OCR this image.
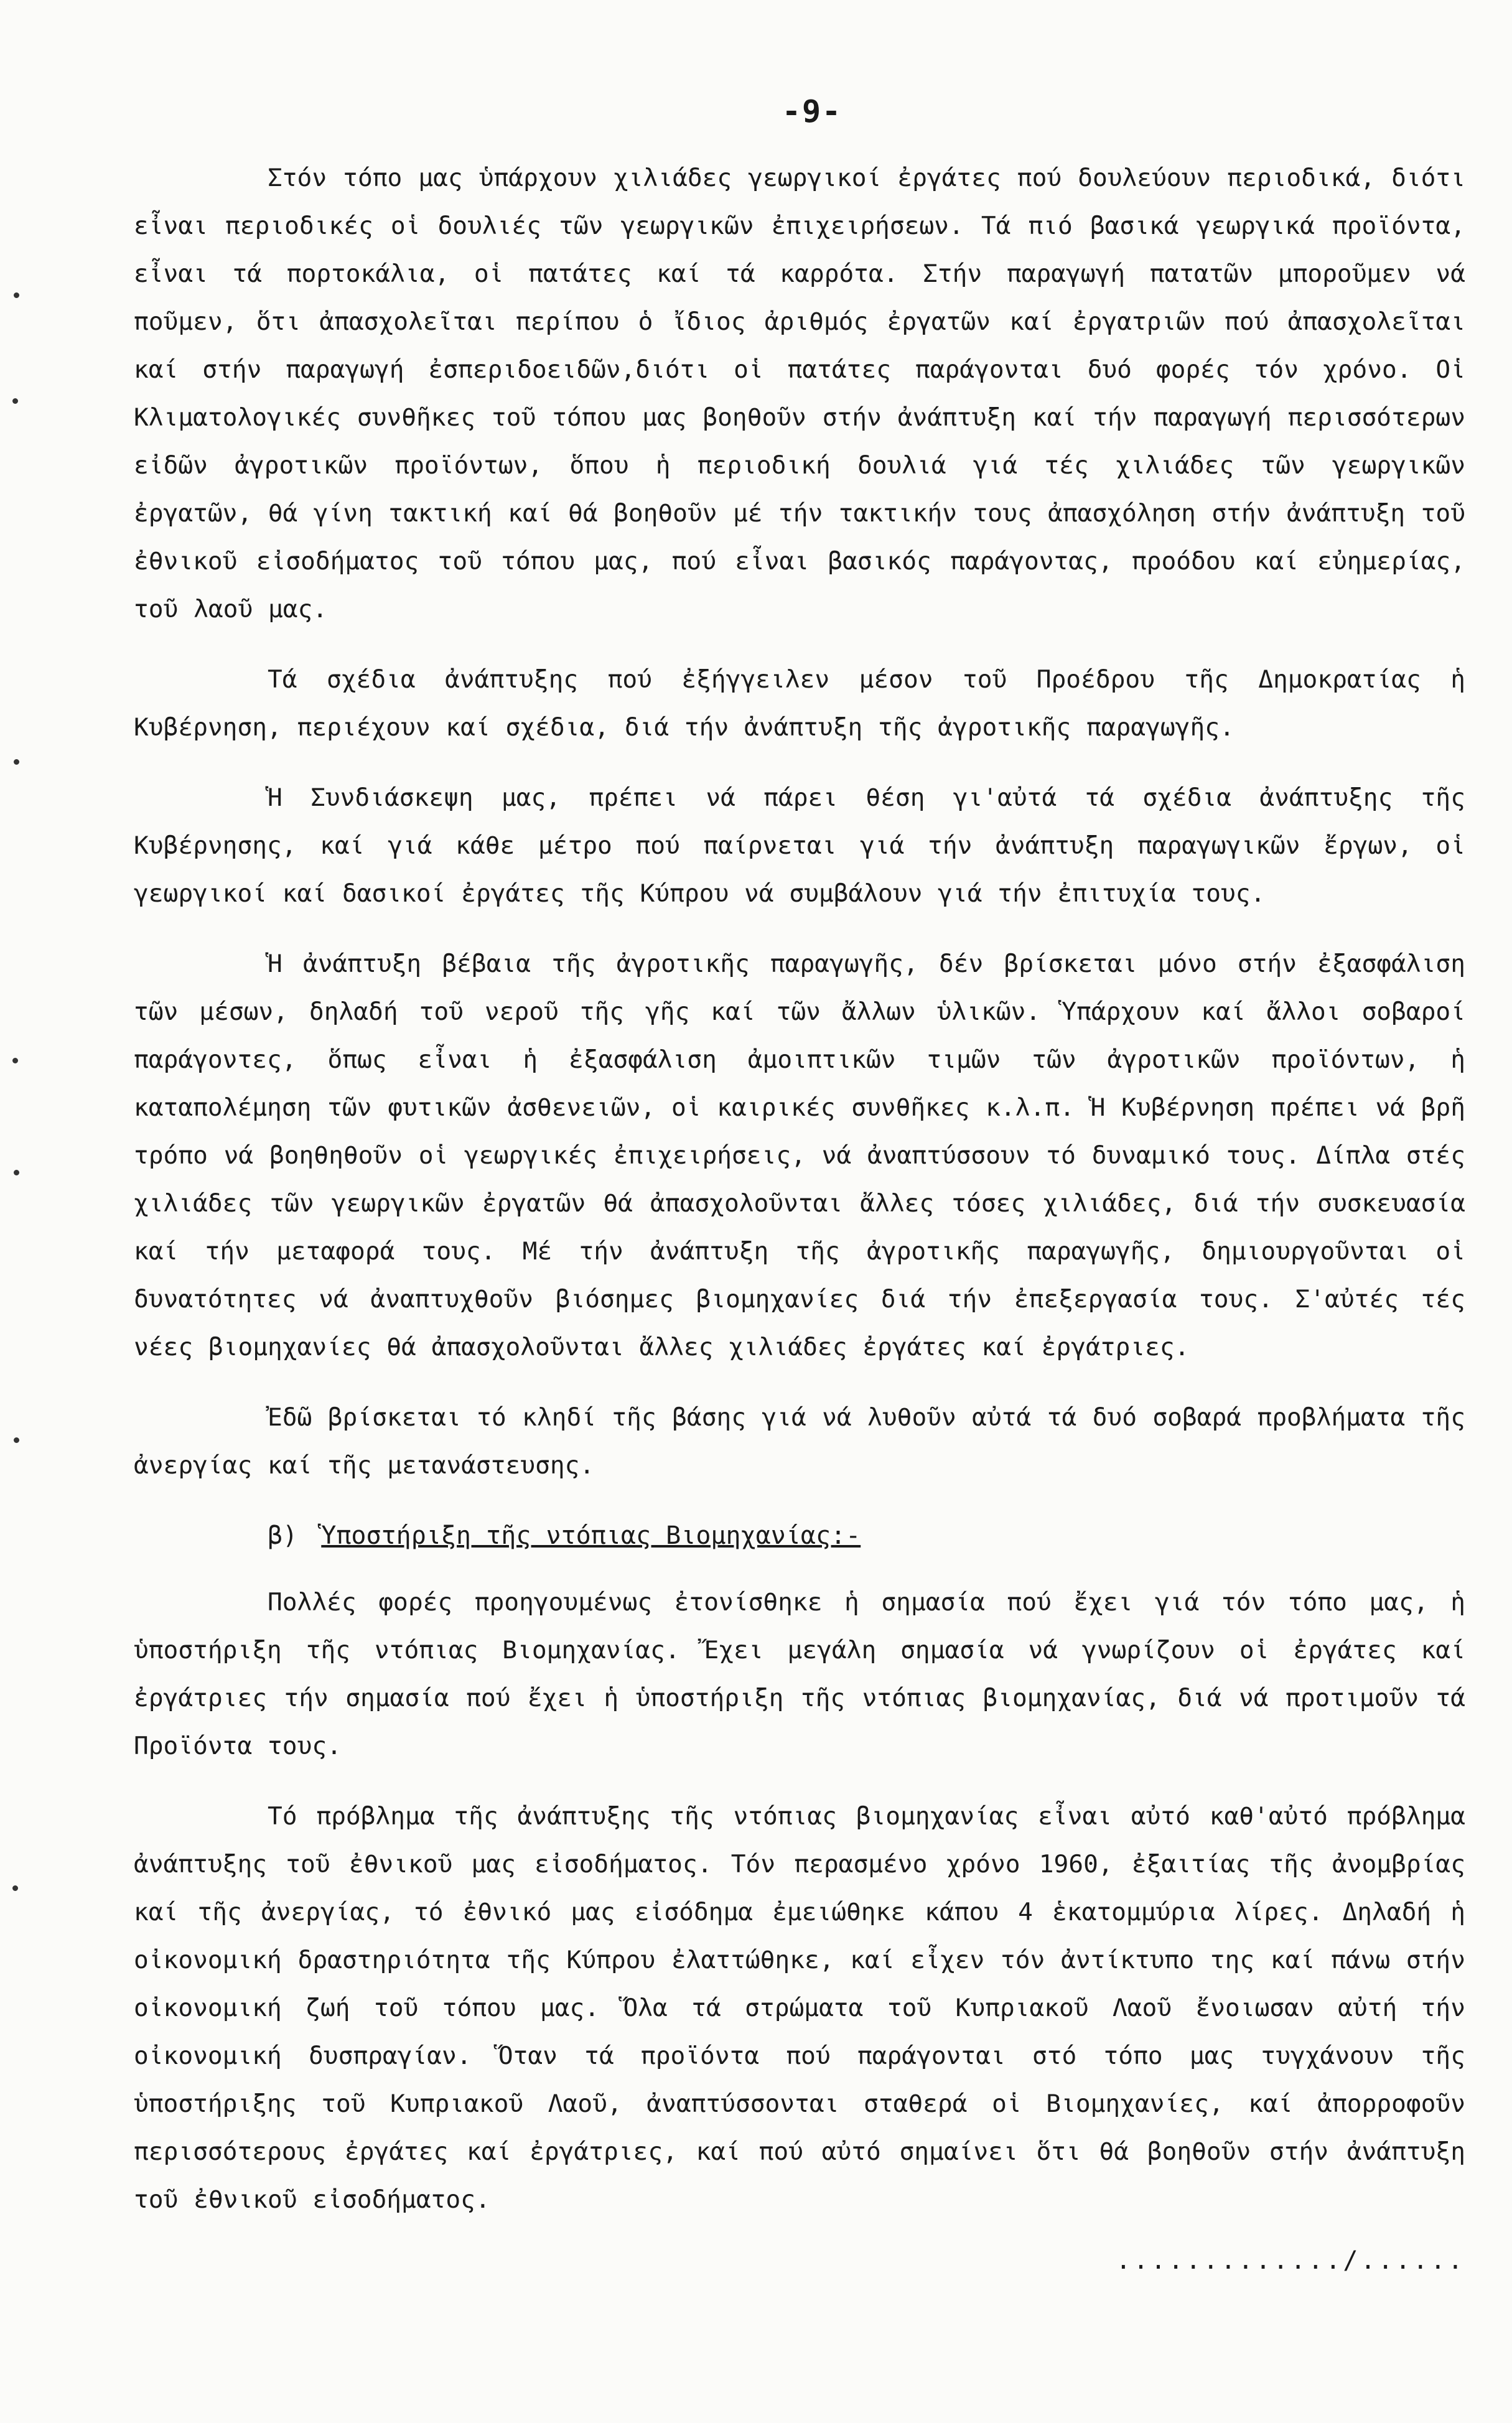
-9-

Στόν τόπο μας ὑπάρχουν χιλιάδες γεωργικοί ἐργάτες πού δουλεύουν περιοδικά, διότι εἶναι περιοδικές οἱ δουλιές τῶν γεωργικῶν ἐπιχειρήσεων. Τά πιό βασικά γεωργικά προϊόντα, εἶναι τά πορτοκάλια, οἱ πατάτες καί τά καρρότα. Στήν παραγωγή πατατῶν μποροῦμεν νά ποῦμεν, ὅτι ἀπασχολεῖται περίπου ὁ ἴδιος ἀριθμός ἐργατῶν καί ἐργατριῶν πού ἀπασχολεῖται καί στήν παραγωγή ἐσπεριδοειδῶν,διότι οἱ πατάτες παράγονται δυό φορές τόν χρόνο. Οἱ Κλιματολογικές συνθῆκες τοῦ τόπου μας βοηθοῦν στήν ἀνάπτυξη καί τήν παραγωγή περισσότερων εἰδῶν ἀγροτικῶν προϊόντων, ὅπου ἡ περιοδική δουλιά γιά τές χιλιάδες τῶν γεωργικῶν ἐργατῶν, θά γίνη τακτική καί θά βοηθοῦν μέ τήν τακτικήν τους ἀπασχόληση στήν ἀνάπτυξη τοῦ ἐθνικοῦ εἰσοδήματος τοῦ τόπου μας, πού εἶναι βασικός παράγοντας, προόδου καί εὐημερίας, τοῦ λαοῦ μας.

Τά σχέδια ἀνάπτυξης πού ἐξήγγειλεν μέσον τοῦ Προέδρου τῆς Δημοκρατίας ἡ Κυβέρνηση, περιέχουν καί σχέδια, διά τήν ἀνάπτυξη τῆς ἀγροτικῆς παραγωγῆς.

Ἡ Συνδιάσκεψη μας, πρέπει νά πάρει θέση γι'αὐτά τά σχέδια ἀνάπτυξης τῆς Κυβέρνησης, καί γιά κάθε μέτρο πού παίρνεται γιά τήν ἀνάπτυξη παραγωγικῶν ἔργων, οἱ γεωργικοί καί δασικοί ἐργάτες τῆς Κύπρου νά συμβάλουν γιά τήν ἐπιτυχία τους.

Ἡ ἀνάπτυξη βέβαια τῆς ἀγροτικῆς παραγωγῆς, δέν βρίσκεται μόνο στήν ἐξασφάλιση τῶν μέσων, δηλαδή τοῦ νεροῦ τῆς γῆς καί τῶν ἄλλων ὑλικῶν. Ὑπάρχουν καί ἄλλοι σοβαροί παράγοντες, ὅπως εἶναι ἡ ἐξασφάλιση ἀμοιπτικῶν τιμῶν τῶν ἀγροτικῶν προϊόντων, ἡ καταπολέμηση τῶν φυτικῶν ἀσθενειῶν, οἱ καιρικές συνθῆκες κ.λ.π. Ἡ Κυβέρνηση πρέπει νά βρῆ τρόπο νά βοηθηθοῦν οἱ γεωργικές ἐπιχειρήσεις, νά ἀναπτύσσουν τό δυναμικό τους. Δίπλα στές χιλιάδες τῶν γεωργικῶν ἐργατῶν θά ἀπασχολοῦνται ἄλλες τόσες χιλιάδες, διά τήν συσκευασία καί τήν μεταφορά τους. Μέ τήν ἀνάπτυξη τῆς ἀγροτικῆς παραγωγῆς, δημιουργοῦνται οἱ δυνατότητες νά ἀναπτυχθοῦν βιόσημες βιομηχανίες διά τήν ἐπεξεργασία τους. Σ'αὐτές τές νέες βιομηχανίες θά ἀπασχολοῦνται ἄλλες χιλιάδες ἐργάτες καί ἐργάτριες.

Ἐδῶ βρίσκεται τό κληδί τῆς βάσης γιά νά λυθοῦν αὐτά τά δυό σοβαρά προβλήματα τῆς ἀνεργίας καί τῆς μετανάστευσης.

β) Ὑποστήριξη τῆς ντόπιας Βιομηχανίας:-

Πολλές φορές προηγουμένως ἐτονίσθηκε ἡ σημασία πού ἔχει γιά τόν τόπο μας, ἡ ὑποστήριξη τῆς ντόπιας Βιομηχανίας. Ἔχει μεγάλη σημασία νά γνωρίζουν οἱ ἐργάτες καί ἐργάτριες τήν σημασία πού ἔχει ἡ ὑποστήριξη τῆς ντόπιας βιομηχανίας, διά νά προτιμοῦν τά Προϊόντα τους.

Τό πρόβλημα τῆς ἀνάπτυξης τῆς ντόπιας βιομηχανίας εἶναι αὐτό καθ'αὐτό πρόβλημα ἀνάπτυξης τοῦ ἐθνικοῦ μας εἰσοδήματος. Τόν περασμένο χρόνο 1960, ἐξαιτίας τῆς ἀνομβρίας καί τῆς ἀνεργίας, τό ἐθνικό μας εἰσόδημα ἐμειώθηκε κάπου 4 ἑκατομμύρια λίρες. Δηλαδή ἡ οἰκονομική δραστηριότητα τῆς Κύπρου ἐλαττώθηκε, καί εἶχεν τόν ἀντίκτυπο της καί πάνω στήν οἰκονομική ζωή τοῦ τόπου μας. Ὅλα τά στρώματα τοῦ Κυπριακοῦ Λαοῦ ἔνοιωσαν αὐτή τήν οἰκονομική δυσπραγίαν. Ὅταν τά προϊόντα πού παράγονται στό τόπο μας τυγχάνουν τῆς ὑποστήριξης τοῦ Κυπριακοῦ Λαοῦ, ἀναπτύσσονται σταθερά οἱ Βιομηχανίες, καί ἀπορροφοῦν περισσότερους ἐργάτες καί ἐργάτριες, καί πού αὐτό σημαίνει ὅτι θά βοηθοῦν στήν ἀνάπτυξη τοῦ ἐθνικοῦ εἰσοδήματος.

............./......
